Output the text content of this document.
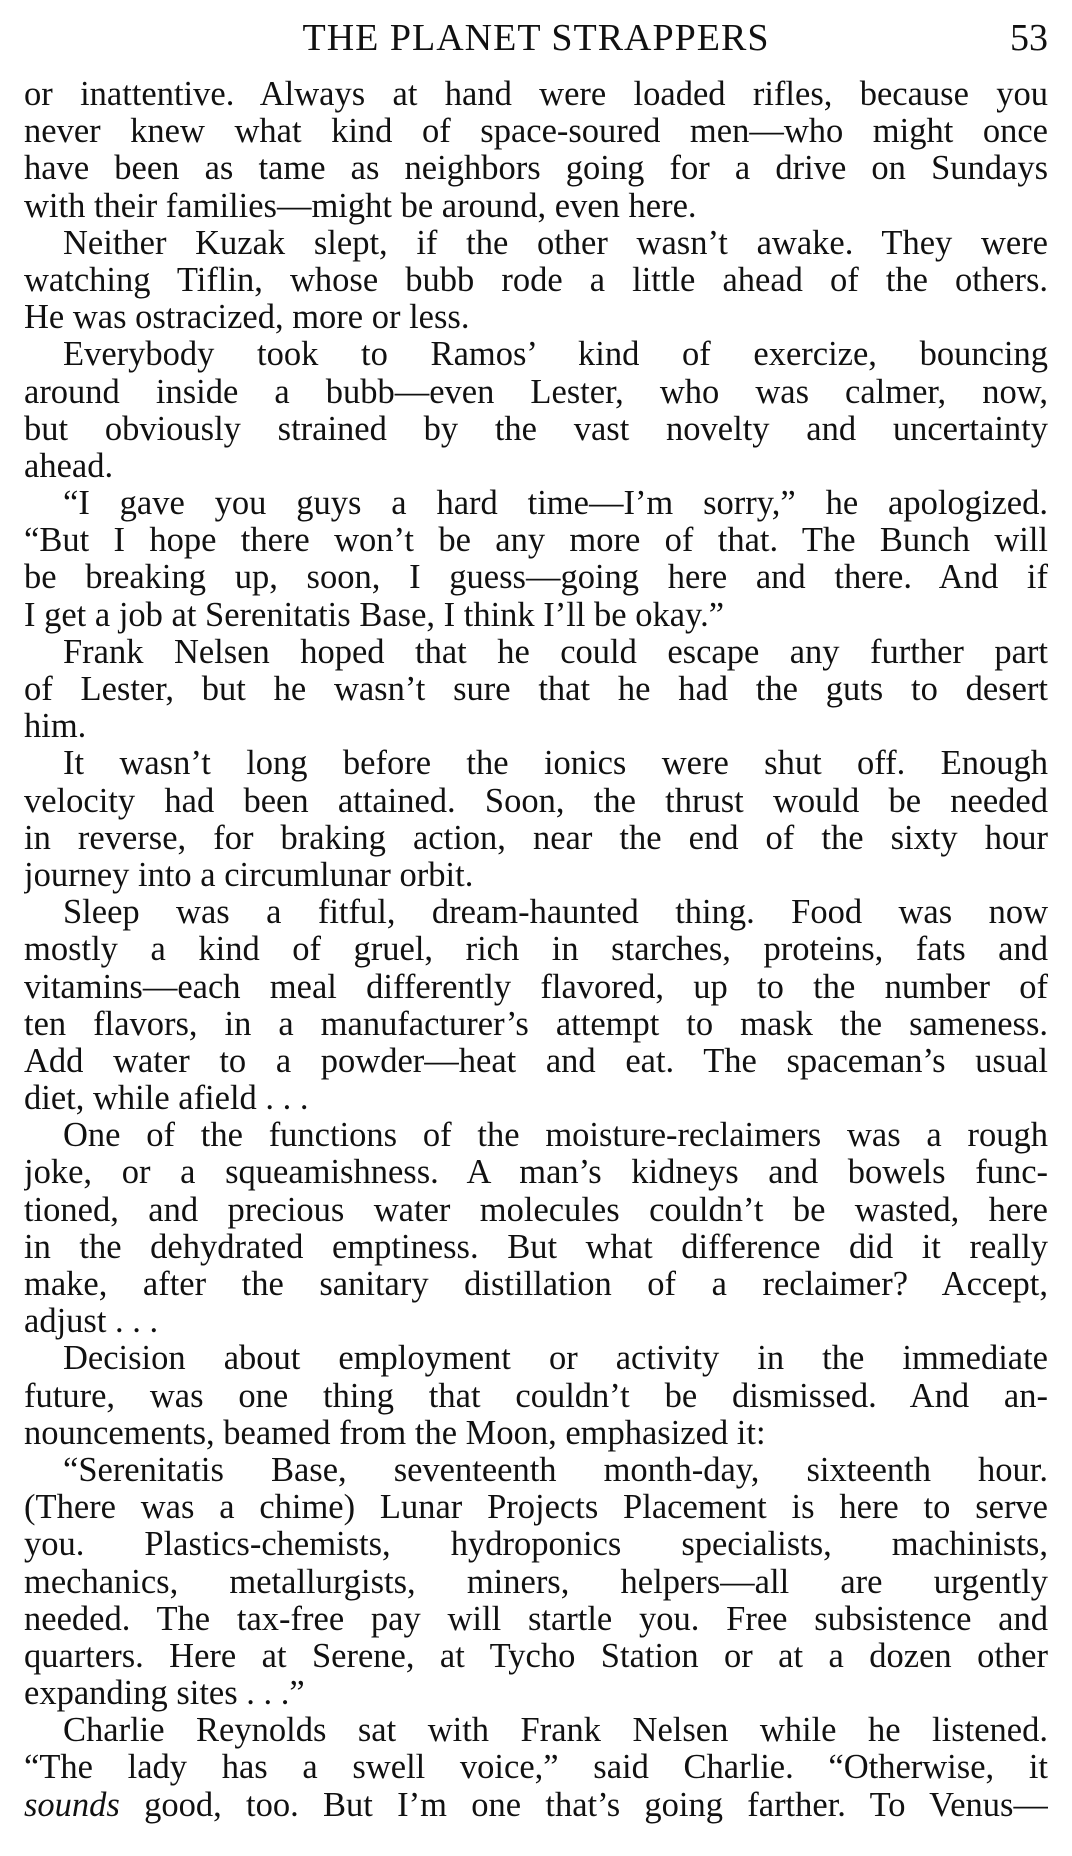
THE PLANET STRAPPERS	53
or inattentive. Always at hand were loaded rifles, because you
never knew what kind of space-soured men—who might once
have been as tame as neighbors going for a drive on Sundays
with their families—might be around, even here.
Neither Kuzak slept, if the other wasn’t awake. They were
watching Tiflin, whose bubb rode a little ahead of the others.
He was ostracized, more or less.
Everybody took to Ramos’ kind of exercize, bouncing
around inside a bubb—even Lester, who was calmer, now,
but obviously strained by the vast novelty and uncertainty
ahead.
“I gave you guys a hard time—I’m sorry,” he apologized.
“But I hope there won’t be any more of that. The Bunch will
be breaking up, soon, I guess—going here and there. And if
I get a job at Serenitatis Base, I think I’ll be okay.”
Frank Nelsen hoped that he could escape any further part
of Lester, but he wasn’t sure that he had the guts to desert
him.
It wasn’t long before the ionics were shut off. Enough
velocity had been attained. Soon, the thrust would be needed
in reverse, for braking action, near the end of the sixty hour
journey into a circumlunar orbit.
Sleep was a fitful, dream-haunted thing. Food was now
mostly a kind of gruel, rich in starches, proteins, fats and
vitamins—each meal differently flavored, up to the number of
ten flavors, in a manufacturer’s attempt to mask the sameness.
Add water to a powder—heat and eat. The spaceman’s usual
diet, while afield . . .
One of the functions of the moisture-reclaimers was a rough
joke, or a squeamishness. A man’s kidneys and bowels func-
tioned, and precious water molecules couldn’t be wasted, here
in the dehydrated emptiness. But what difference did it really
make, after the sanitary distillation of a reclaimer? Accept,
adjust . . .
Decision about employment or activity in the immediate
future, was one thing that couldn’t be dismissed. And an-
nouncements, beamed from the Moon, emphasized it:
“Serenitatis Base, seventeenth month-day, sixteenth hour.
(There was a chime) Lunar Projects Placement is here to serve
you. Plastics-chemists, hydroponics specialists, machinists,
mechanics, metallurgists, miners, helpers—all are urgently
needed. The tax-free pay will startle you. Free subsistence and
quarters. Here at Serene, at Tycho Station or at a dozen other
expanding sites . . .”
Charlie Reynolds sat with Frank Nelsen while he listened.
“The lady has a swell voice,” said Charlie. “Otherwise, it
sounds good, too. But I’m one that’s going farther. To Venus—
